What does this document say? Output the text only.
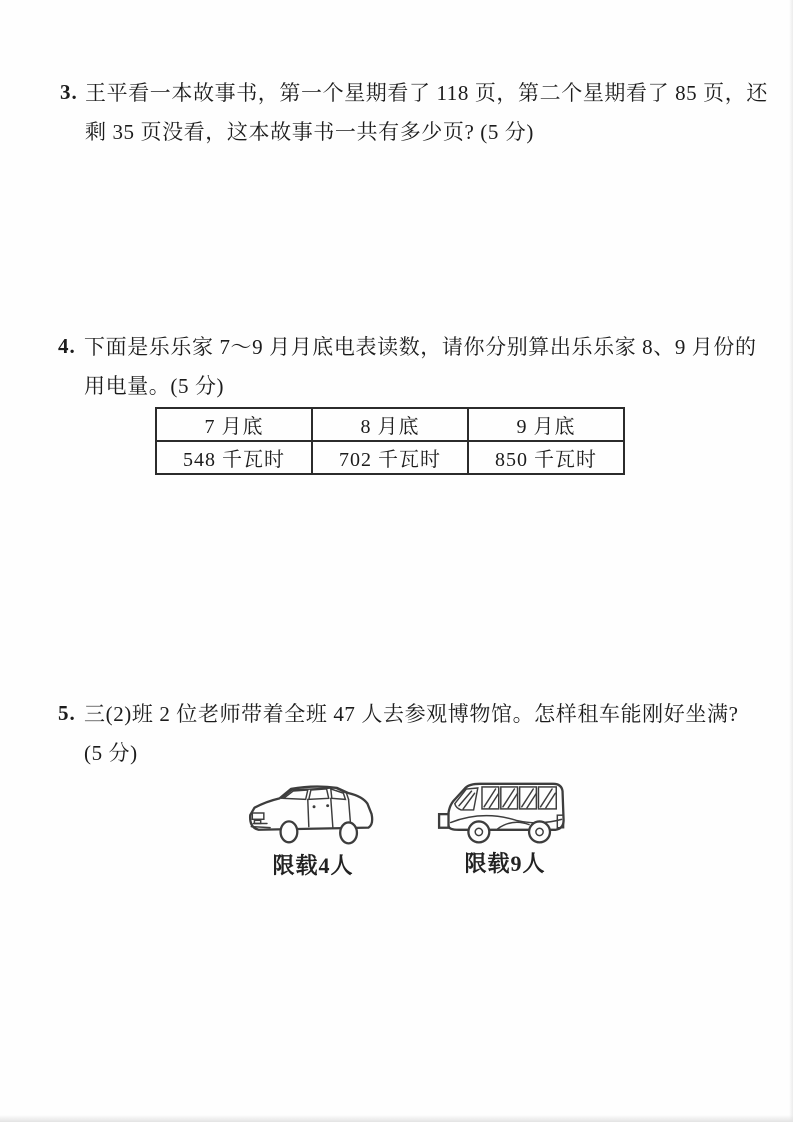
3. 王平看一本故事书，第一个星期看了 118 页，第二个星期看了 85 页，还
剩 35 页没看，这本故事书一共有多少页? (5 分)
4. 下面是乐乐家 7～9 月月底电表读数，请你分别算出乐乐家 8、9 月份的
用电量。(5 分)
7 月底	8 月底	9 月底
548 千瓦时	702 千瓦时	850 千瓦时
5. 三(2)班 2 位老师带着全班 47 人去参观博物馆。怎样租车能刚好坐满?
(5 分)
限载4人	限载9人
